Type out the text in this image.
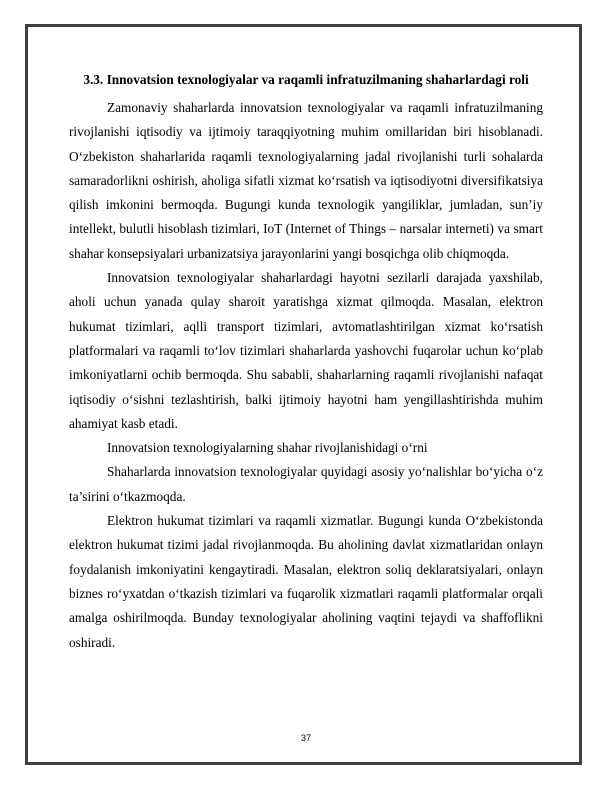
3.3. Innovatsion texnologiyalar va raqamli infratuzilmaning shaharlardagi roli

Zamonaviy shaharlarda innovatsion texnologiyalar va raqamli infratuzilmaning rivojlanishi iqtisodiy va ijtimoiy taraqqiyotning muhim omillaridan biri hisoblanadi. O‘zbekiston shaharlarida raqamli texnologiyalarning jadal rivojlanishi turli sohalarda samaradorlikni oshirish, aholiga sifatli xizmat ko‘rsatish va iqtisodiyotni diversifikatsiya qilish imkonini bermoqda. Bugungi kunda texnologik yangiliklar, jumladan, sun’iy intellekt, bulutli hisoblash tizimlari, IoT (Internet of Things – narsalar interneti) va smart shahar konsepsiyalari urbanizatsiya jarayonlarini yangi bosqichga olib chiqmoqda.

Innovatsion texnologiyalar shaharlardagi hayotni sezilarli darajada yaxshilab, aholi uchun yanada qulay sharoit yaratishga xizmat qilmoqda. Masalan, elektron hukumat tizimlari, aqlli transport tizimlari, avtomatlashtirilgan xizmat ko‘rsatish platformalari va raqamli to‘lov tizimlari shaharlarda yashovchi fuqarolar uchun ko‘plab imkoniyatlarni ochib bermoqda. Shu sababli, shaharlarning raqamli rivojlanishi nafaqat iqtisodiy o‘sishni tezlashtirish, balki ijtimoiy hayotni ham yengillashtirishda muhim ahamiyat kasb etadi.

Innovatsion texnologiyalarning shahar rivojlanishidagi o‘rni

Shaharlarda innovatsion texnologiyalar quyidagi asosiy yo‘nalishlar bo‘yicha o‘z ta’sirini o‘tkazmoqda.

Elektron hukumat tizimlari va raqamli xizmatlar. Bugungi kunda O‘zbekistonda elektron hukumat tizimi jadal rivojlanmoqda. Bu aholining davlat xizmatlaridan onlayn foydalanish imkoniyatini kengaytiradi. Masalan, elektron soliq deklaratsiyalari, onlayn biznes ro‘yxatdan o‘tkazish tizimlari va fuqarolik xizmatlari raqamli platformalar orqali amalga oshirilmoqda. Bunday texnologiyalar aholining vaqtini tejaydi va shaffoflikni oshiradi.

37
